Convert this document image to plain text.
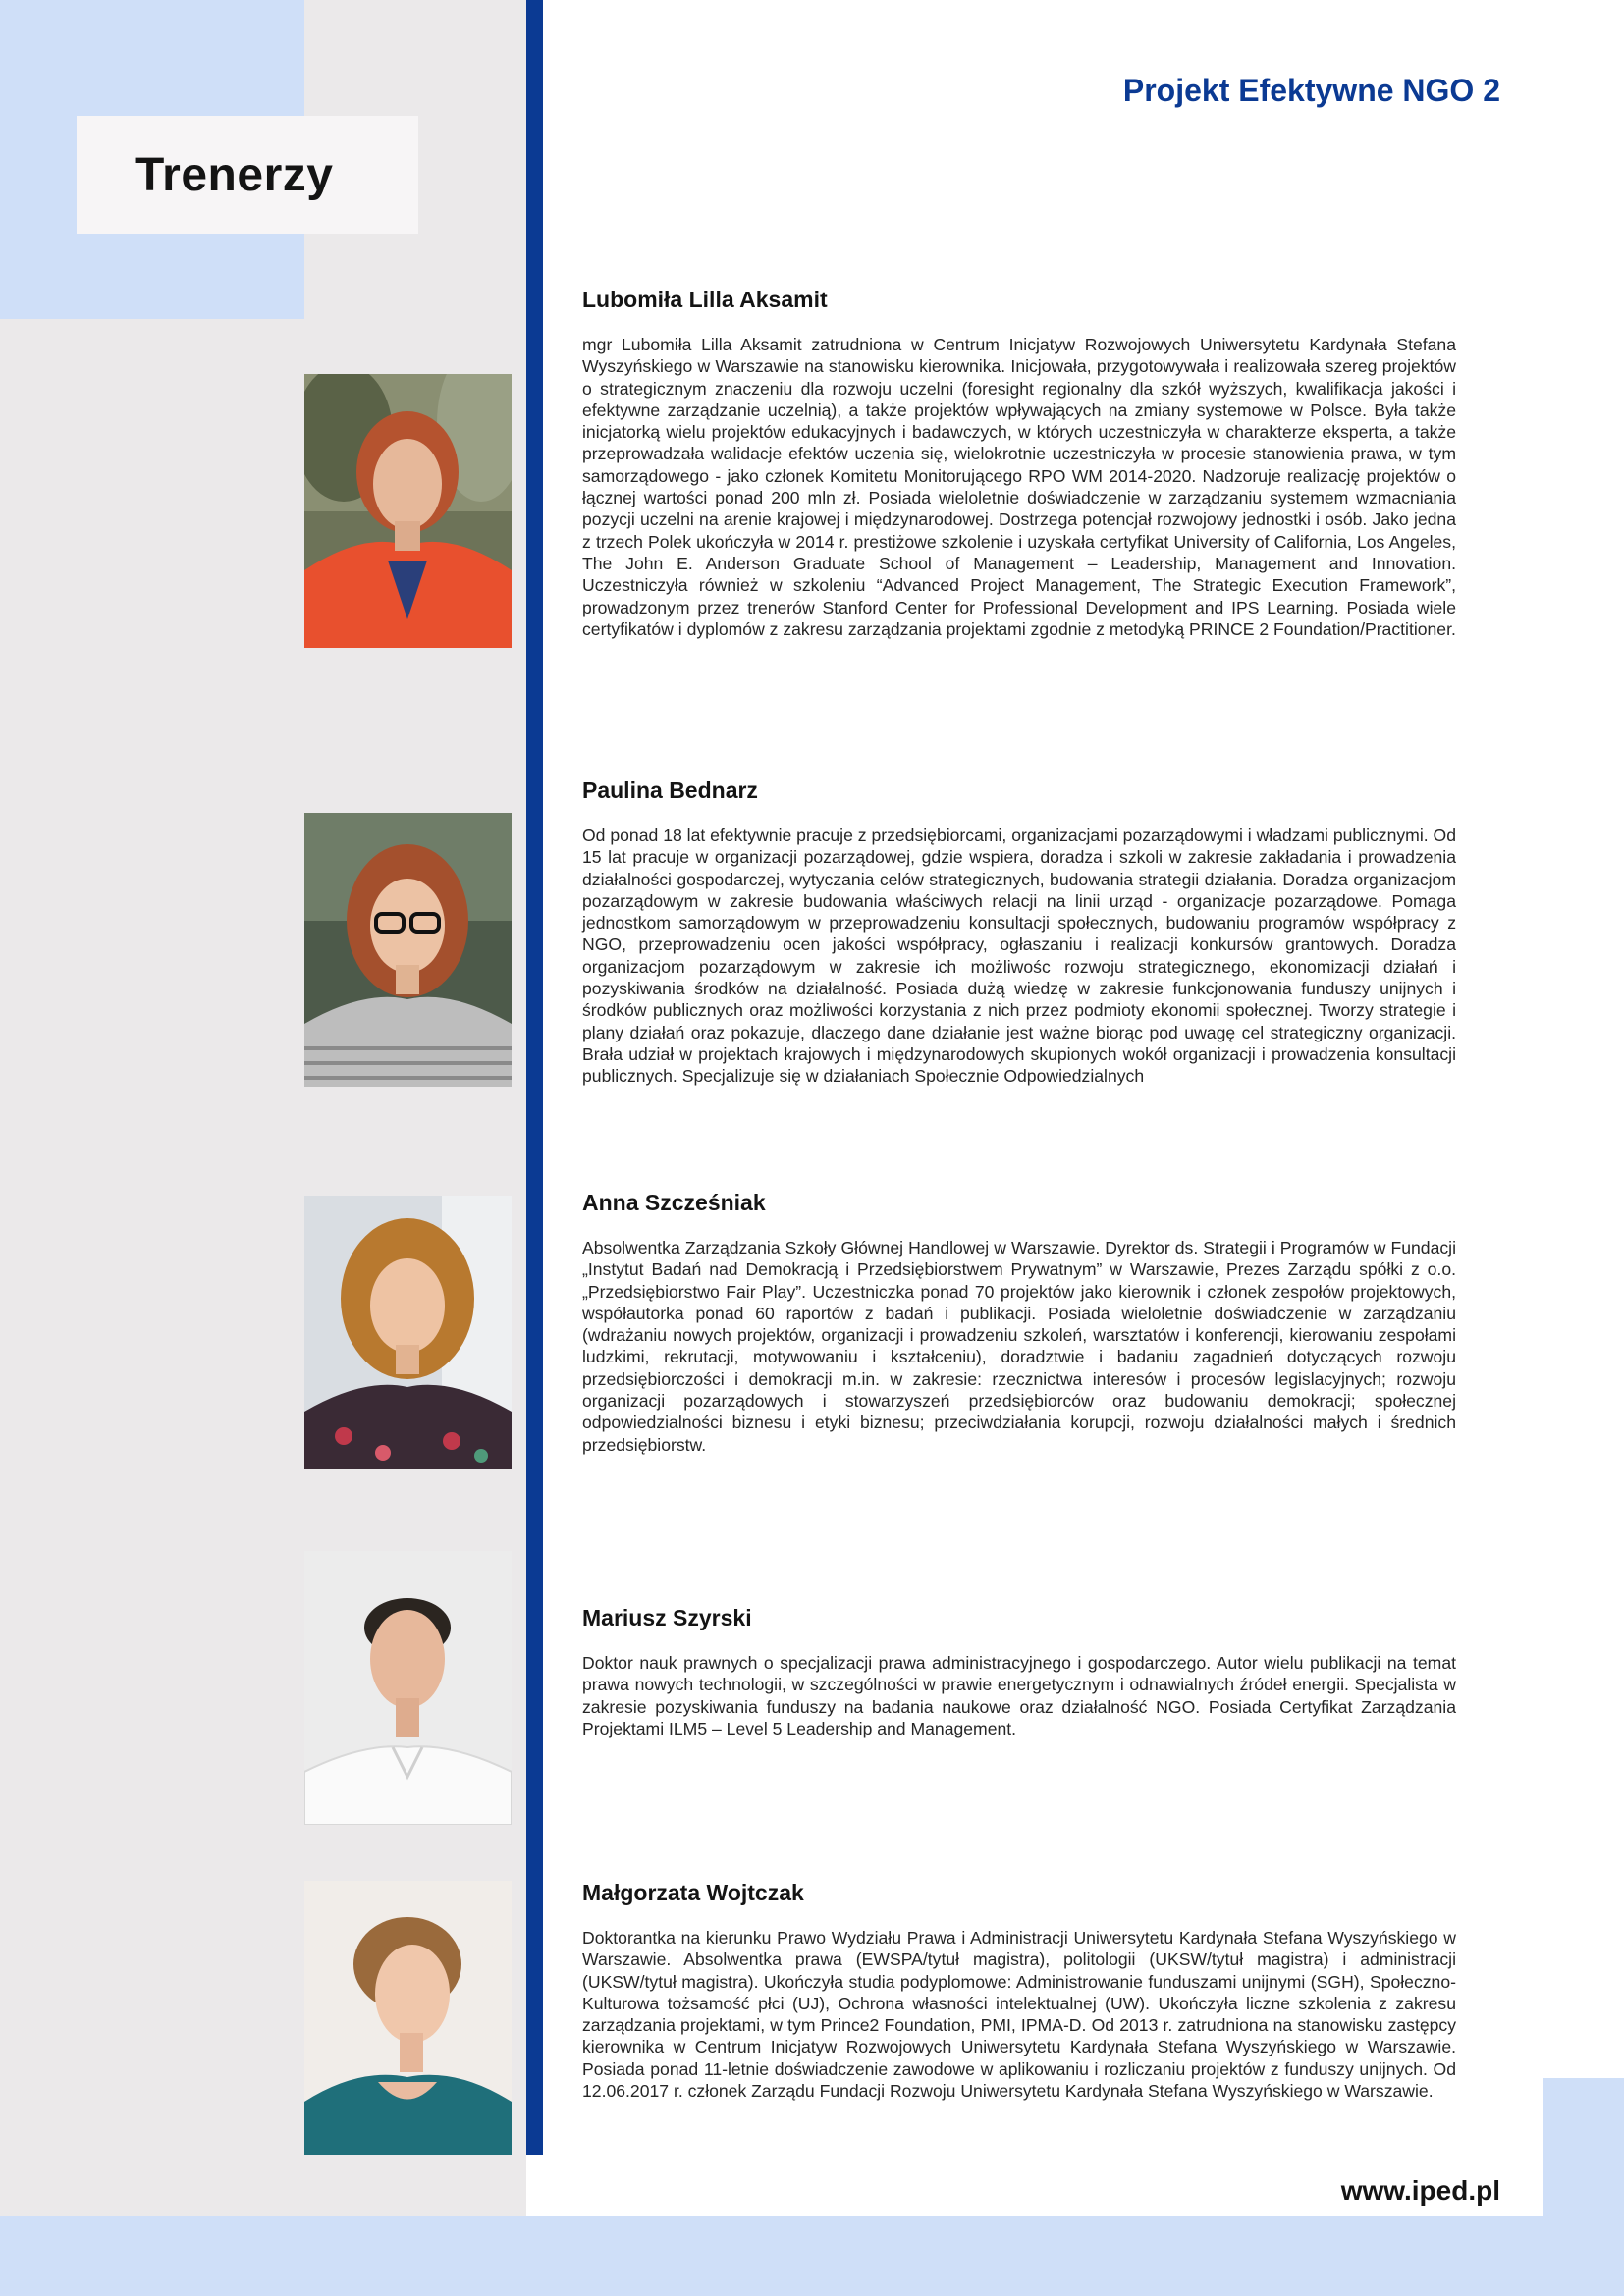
Trenerzy
Projekt Efektywne NGO 2
Lubomiła Lilla Aksamit

mgr Lubomiła Lilla Aksamit zatrudniona w Centrum Inicjatyw Rozwojowych Uniwersytetu Kardynała Stefana Wyszyńskiego w Warszawie na stanowisku kierownika. Inicjowała, przygotowywała i realizowała szereg projektów o strategicznym znaczeniu dla rozwoju uczelni (foresight regionalny dla szkół wyższych, kwalifikacja jakości i efektywne zarządzanie uczelnią), a także projektów wpływających na zmiany systemowe w Polsce. Była także inicjatorką wielu projektów edukacyjnych i badawczych, w których uczestniczyła w charakterze eksperta, a także przeprowadzała walidacje efektów uczenia się, wielokrotnie uczestniczyła w procesie stanowienia prawa, w tym samorządowego - jako członek Komitetu Monitorującego RPO WM 2014-2020. Nadzoruje realizację projektów o łącznej wartości ponad 200 mln zł. Posiada wieloletnie doświadczenie w zarządzaniu systemem wzmacniania pozycji uczelni na arenie krajowej i międzynarodowej. Dostrzega potencjał rozwojowy jednostki i osób. Jako jedna z trzech Polek ukończyła w 2014 r. prestiżowe szkolenie i uzyskała certyfikat University of California, Los Angeles, The John E. Anderson Graduate School of Management – Leadership, Management and Innovation. Uczestniczyła również w szkoleniu “Advanced Project Management, The Strategic Execution Framework”, prowadzonym przez trenerów Stanford Center for Professional Development and IPS Learning. Posiada wiele certyfikatów i dyplomów z zakresu zarządzania projektami zgodnie z metodyką PRINCE 2 Foundation/Practitioner.

Paulina Bednarz

Od ponad 18 lat efektywnie pracuje z przedsiębiorcami, organizacjami pozarządowymi i władzami publicznymi. Od 15 lat pracuje w organizacji pozarządowej, gdzie wspiera, doradza i szkoli w zakresie zakładania i prowadzenia działalności gospodarczej, wytyczania celów strategicznych, budowania strategii działania. Doradza organizacjom pozarządowym w zakresie budowania właściwych relacji na linii urząd - organizacje pozarządowe. Pomaga jednostkom samorządowym w przeprowadzeniu konsultacji społecznych, budowaniu programów współpracy z NGO, przeprowadzeniu ocen jakości współpracy, ogłaszaniu i realizacji konkursów grantowych. Doradza organizacjom pozarządowym w zakresie ich możliwośc rozwoju strategicznego, ekonomizacji działań i pozyskiwania środków na działalność. Posiada dużą wiedzę w zakresie funkcjonowania funduszy unijnych i środków publicznych oraz możliwości korzystania z nich przez podmioty ekonomii społecznej. Tworzy strategie i plany działań oraz pokazuje, dlaczego dane działanie jest ważne biorąc pod uwagę cel strategiczny organizacji. Brała udział w projektach krajowych i międzynarodowych skupionych wokół organizacji i prowadzenia konsultacji publicznych. Specjalizuje się w działaniach Społecznie Odpowiedzialnych

Anna Szcześniak

Absolwentka Zarządzania Szkoły Głównej Handlowej w Warszawie. Dyrektor ds. Strategii i Programów w Fundacji „Instytut Badań nad Demokracją i Przedsiębiorstwem Prywatnym” w Warszawie, Prezes Zarządu spółki z o.o. „Przedsiębiorstwo Fair Play”. Uczestniczka ponad 70 projektów jako kierownik i członek zespołów projektowych, współautorka ponad 60 raportów z badań i publikacji. Posiada wieloletnie doświadczenie w zarządzaniu (wdrażaniu nowych projektów, organizacji i prowadzeniu szkoleń, warsztatów i konferencji, kierowaniu zespołami ludzkimi, rekrutacji, motywowaniu i kształceniu), doradztwie i badaniu zagadnień dotyczących rozwoju przedsiębiorczości i demokracji m.in. w zakresie: rzecznictwa interesów i procesów legislacyjnych; rozwoju organizacji pozarządowych i stowarzyszeń przedsiębiorców oraz budowaniu demokracji; społecznej odpowiedzialności biznesu i etyki biznesu; przeciwdziałania korupcji, rozwoju działalności małych i średnich przedsiębiorstw.

Mariusz Szyrski

Doktor nauk prawnych o specjalizacji prawa administracyjnego i gospodarczego. Autor wielu publikacji na temat prawa nowych technologii, w szczególności w prawie energetycznym i odnawialnych źródeł energii. Specjalista w zakresie pozyskiwania funduszy na badania naukowe oraz działalność NGO. Posiada Certyfikat Zarządzania Projektami ILM5 – Level 5 Leadership and Management.

Małgorzata Wojtczak

Doktorantka na kierunku Prawo Wydziału Prawa i Administracji Uniwersytetu Kardynała Stefana Wyszyńskiego w Warszawie. Absolwentka prawa (EWSPA/tytuł magistra), politologii (UKSW/tytuł magistra) i administracji (UKSW/tytuł magistra). Ukończyła studia podyplomowe: Administrowanie funduszami unijnymi (SGH), Społeczno-Kulturowa tożsamość płci (UJ), Ochrona własności intelektualnej (UW). Ukończyła liczne szkolenia z zakresu zarządzania projektami, w tym Prince2 Foundation, PMI, IPMA-D. Od 2013 r. zatrudniona na stanowisku zastępcy kierownika w Centrum Inicjatyw Rozwojowych Uniwersytetu Kardynała Stefana Wyszyńskiego w Warszawie. Posiada ponad 11-letnie doświadczenie zawodowe w aplikowaniu i rozliczaniu projektów z funduszy unijnych. Od 12.06.2017 r. członek Zarządu Fundacji Rozwoju Uniwersytetu Kardynała Stefana Wyszyńskiego w Warszawie.

www.iped.pl
